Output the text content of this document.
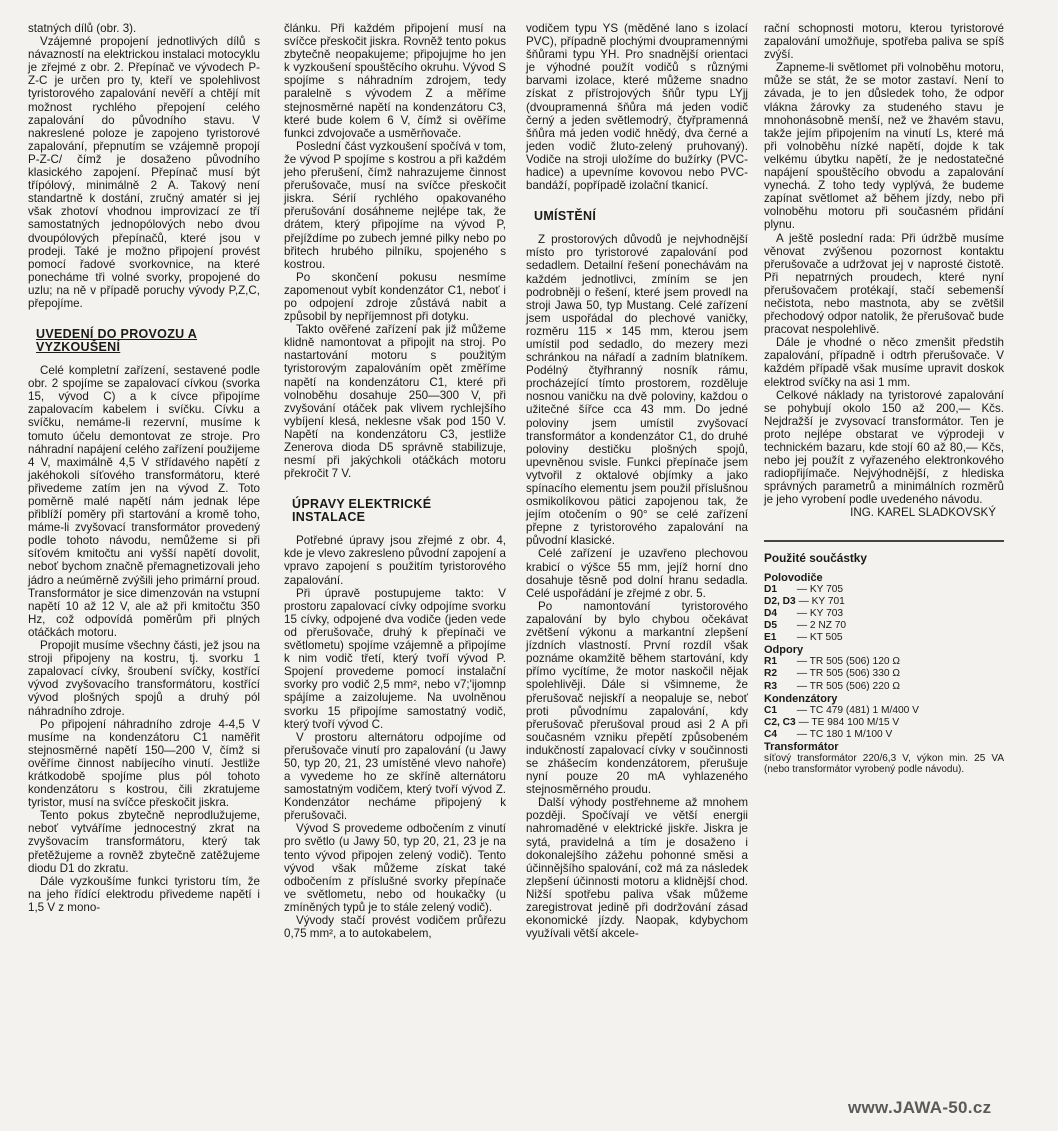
statných dílů (obr. 3).

Vzájemné propojení jednotlivých dílů s návazností na elektrickou instalaci motocyklu je zřejmé z obr. 2. Přepínač ve vývodech P-Z-C je určen pro ty, kteří ve spolehlivost tyristorového zapalování nevěří a chtějí mít možnost rychlého přepojení celého zapalování do původního stavu. V nakreslené poloze je zapojeno tyristorové zapalování, přepnutím se vzájemně propojí P-Z-C/ čímž je dosaženo původního klasického zapojení. Přepínač musí být třípólový, minimálně 2 A. Takový není standartně k dostání, zručný amatér si jej však zhotoví vhodnou improvizací ze tří samostatných jednopólových nebo dvou dvoupólových přepínačů, které jsou v prodeji. Také je možno připojení provést pomocí řadové svorkovnice, na které ponecháme tři volné svorky, propojené do uzlu; na ně v případě poruchy vývody P,Z,C, přepojíme.

UVEDENÍ DO PROVOZU A VYZKOUŠENÍ

Celé kompletní zařízení, sestavené podle obr. 2 spojíme se zapalovací cívkou (svorka 15, vývod C) a k cívce připojíme zapalovacím kabelem i svíčku. Cívku a svíčku, nemáme-li rezervní, musíme k tomuto účelu demontovat ze stroje. Pro náhradní napájení celého zařízení použijeme 4 V, maximálně 4,5 V střídavého napětí z jakéhokoli síťového transformátoru, které přivedeme zatím jen na vývod Z. Toto poměrně malé napětí nám jednak lépe přiblíží poměry při startování a kromě toho, máme-li zvyšovací transformátor provedený podle tohoto návodu, nemůžeme si při síťovém kmitočtu ani vyšší napětí dovolit, neboť bychom značně přemagnetizovali jeho jádro a neúměrně zvýšili jeho primární proud. Transformátor je sice dimenzován na vstupní napětí 10 až 12 V, ale až při kmitočtu 350 Hz, což odpovídá poměrům při plných otáčkách motoru.

Propojit musíme všechny části, jež jsou na stroji připojeny na kostru, tj. svorku 1 zapalovací cívky, šroubení svíčky, kostřící vývod zvyšovacího transformátoru, kostřící vývod plošných spojů a druhý pól náhradního zdroje.

Po připojení náhradního zdroje 4-4,5 V musíme na kondenzátoru C1 naměřit stejnosměrné napětí 150—200 V, čímž si ověříme činnost nabíjecího vinutí. Jestliže krátkodobě spojíme plus pól tohoto kondenzátoru s kostrou, čili zkratujeme tyristor, musí na svíčce přeskočit jiskra.

Tento pokus zbytečně neprodlužujeme, neboť vytváříme jednocestný zkrat na zvyšovacím transformátoru, který tak přetěžujeme a rovněž zbytečně zatěžujeme diodu D1 do zkratu.

Dále vyzkoušíme funkci tyristoru tím, že na jeho řídící elektrodu přivedeme napětí i 1,5 V z mono-

článku. Při každém připojení musí na svíčce přeskočit jiskra. Rovněž tento pokus zbytečně neopakujeme; připojujme ho jen k vyzkoušení spouštěcího okruhu. Vývod S spojíme s náhradním zdrojem, tedy paralelně s vývodem Z a měříme stejnosměrné napětí na kondenzátoru C3, které bude kolem 6 V, čímž si ověříme funkci zdvojovače a usměrňovače.

Poslední část vyzkoušení spočívá v tom, že vývod P spojíme s kostrou a při každém jeho přerušení, čímž nahrazujeme činnost přerušovače, musí na svíčce přeskočit jiskra. Sérií rychlého opakovaného přerušování dosáhneme nejlépe tak, že drátem, který připojíme na vývod P, přejíždíme po zubech jemné pilky nebo po břitech hrubého pilníku, spojeného s kostrou.

Po skončení pokusu nesmíme zapomenout vybít kondenzátor C1, neboť i po odpojení zdroje zůstává nabit a způsobil by nepříjemnost při dotyku.

Takto ověřené zařízení pak již můžeme klidně namontovat a připojit na stroj. Po nastartování motoru s použitým tyristorovým zapalováním opět změříme napětí na kondenzátoru C1, které při volnoběhu dosahuje 250—300 V, při zvyšování otáček pak vlivem rychlejšího vybíjení klesá, neklesne však pod 150 V. Napětí na kondenzátoru C3, jestliže Zenerova dioda D5 správně stabilizuje, nesmí při jakýchkoli otáčkách motoru překročit 7 V.

ÚPRAVY ELEKTRICKÉ INSTALACE

Potřebné úpravy jsou zřejmé z obr. 4, kde je vlevo zakresleno původní zapojení a vpravo zapojení s použitím tyristorového zapalování.

Při úpravě postupujeme takto: V prostoru zapalovací cívky odpojíme svorku 15 cívky, odpojené dva vodiče (jeden vede od přerušovače, druhý k přepínači ve světlometu) spojíme vzájemně a připojíme k nim vodič třetí, který tvoří vývod P. Spojení provedeme pomocí instalační svorky pro vodič 2,5 mm², nebo v7;'ijomnp spájíme a zaizolujeme. Na uvolněnou svorku 15 připojíme samostatný vodič, který tvoří vývod C.

V prostoru alternátoru odpojíme od přerušovače vinutí pro zapalování (u Jawy 50, typ 20, 21, 23 umístěné vlevo nahoře) a vyvedeme ho ze skříně alternátoru samostatným vodičem, který tvoří vývod Z. Kondenzátor necháme připojený k přerušovači.

Vývod S provedeme odbočením z vinutí pro světlo (u Jawy 50, typ 20, 21, 23 je na tento vývod připojen zelený vodič). Tento vývod však můžeme získat také odbočením z příslušné svorky přepínače ve světlometu, nebo od houkačky (u zmíněných typů je to stále zelený vodič).

Vývody stačí provést vodičem průřezu 0,75 mm², a to autokabelem,

vodičem typu YS (měděné lano s izolací PVC), případně plochými dvoupramennými šňůrami typu YH. Pro snadnější orientaci je výhodné použít vodičů s různými barvami izolace, které můžeme snadno získat z přístrojových šňůr typu LYjj (dvoupramenná šňůra má jeden vodič černý a jeden světlemodrý, čtyřpramenná šňůra má jeden vodič hnědý, dva černé a jeden vodič žluto-zelený pruhovaný). Vodiče na stroji uložíme do bužírky (PVC-hadice) a upevníme kovovou nebo PVC-bandáží, popřípadě izolační tkanicí.

UMÍSTĚNÍ

Z prostorových důvodů je nejvhodnější místo pro tyristorové zapalování pod sedadlem. Detailní řešení ponechávám na každém jednotlivci, zmíním se jen podrobněji o řešení, které jsem provedl na stroji Jawa 50, typ Mustang. Celé zařízení jsem uspořádal do plechové vaničky, rozměru 115 × 145 mm, kterou jsem umístil pod sedadlo, do mezery mezi schránkou na nářadí a zadním blatníkem. Podélný čtyřhranný nosník rámu, procházející tímto prostorem, rozděluje nosnou vaničku na dvě poloviny, každou o užitečné šířce cca 43 mm. Do jedné poloviny jsem umístil zvyšovací transformátor a kondenzátor C1, do druhé poloviny destičku plošných spojů, upevněnou svisle. Funkci přepínače jsem vytvořil z oktalové objímky a jako spínacího elementu jsem použil příslušnou osmikolíkovou pätici zapojenou tak, že jejím otočením o 90° se celé zařízení přepne z tyristorového zapalování na původní klasické.

Celé zařízení je uzavřeno plechovou krabicí o výšce 55 mm, jejíž horní dno dosahuje těsně pod dolní hranu sedadla. Celé uspořádání je zřejmé z obr. 5.

Po namontování tyristorového zapalování by bylo chybou očekávat zvětšení výkonu a markantní zlepšení jízdních vlastností. První rozdíl však poznáme okamžitě během startování, kdy přímo vycítíme, že motor naskočil nějak spolehlivěji. Dále si všimneme, že přerušovač nejiskří a neopaluje se, neboť proti původnímu zapalování, kdy přerušovač přerušoval proud asi 2 A při současném vzniku přepětí způsobeném indukčností zapalovací cívky v součinnosti se zhášecím kondenzátorem, přerušuje nyní pouze 20 mA vyhlazeného stejnosměrného proudu.

Další výhody postřehneme až mnohem později. Spočívají ve větší energii nahromaděné v elektrické jiskře. Jiskra je sytá, pravidelná a tím je dosaženo i dokonalejšího zážehu pohonné směsi a účinnějšího spalování, což má za následek zlepšení účinnosti motoru a klidnější chod. Nižší spotřebu paliva však můžeme zaregistrovat jedině při dodržování zásad ekonomické jízdy. Naopak, kdybychom využívali větší akcele-

rační schopnosti motoru, kterou tyristorové zapalování umožňuje, spotřeba paliva se spíš zvýší.

Zapneme-li světlomet při volnoběhu motoru, může se stát, že se motor zastaví. Není to závada, je to jen důsledek toho, že odpor vlákna žárovky za studeného stavu je mnohonásobně menší, než ve žhavém stavu, takže jejím připojením na vinutí Ls, které má při volnoběhu nízké napětí, dojde k tak velkému úbytku napětí, že je nedostatečné napájení spouštěcího obvodu a zapalování vynechá. Z toho tedy vyplývá, že budeme zapínat světlomet až během jízdy, nebo při volnoběhu motoru při současném přidání plynu.

A ještě poslední rada: Při údržbě musíme věnovat zvýšenou pozornost kontaktu přerušovače a udržovat jej v naprosté čistotě. Při nepatrných proudech, které nyní přerušovačem protékají, stačí sebemenší nečistota, nebo mastnota, aby se zvětšil přechodový odpor natolik, že přerušovač bude pracovat nespolehlivě.

Dále je vhodné o něco zmenšit předstih zapalování, případně i odtrh přerušovače. V každém případě však musíme upravit doskok elektrod svíčky na asi 1 mm.

Celkové náklady na tyristorové zapalování se pohybují okolo 150 až 200,— Kčs. Nejdražší je zvysovací transformátor. Ten je proto nejlépe obstarat ve výprodeji v technickém bazaru, kde stojí 60 až 80,— Kčs, nebo jej použít z vyřazeného elektronkového radiopřijímače. Nejvýhodnější, z hlediska správných parametrů a minimálních rozměrů je jeho vyrobení podle uvedeného návodu.

ING. KAREL SLADKOVSKÝ

Použité součástky
Polovodiče
D1 — KY 705
D2, D3 — KY 701
D4 — KY 703
D5 — 2 NZ 70
E1 — KT 505
Odpory
R1 — TR 505 (506) 120 Ω
R2 — TR 505 (506) 330 Ω
R3 — TR 505 (506) 220 Ω
Kondenzátory
C1 — TC 479 (481) 1 M/400 V
C2, C3 — TE 984 100 M/15 V
C4 — TC 180 1 M/100 V
Transformátor
síťový transformátor 220/6,3 V, výkon min. 25 VA (nebo transformátor vyrobený podle návodu).
www.JAWA-50.cz
